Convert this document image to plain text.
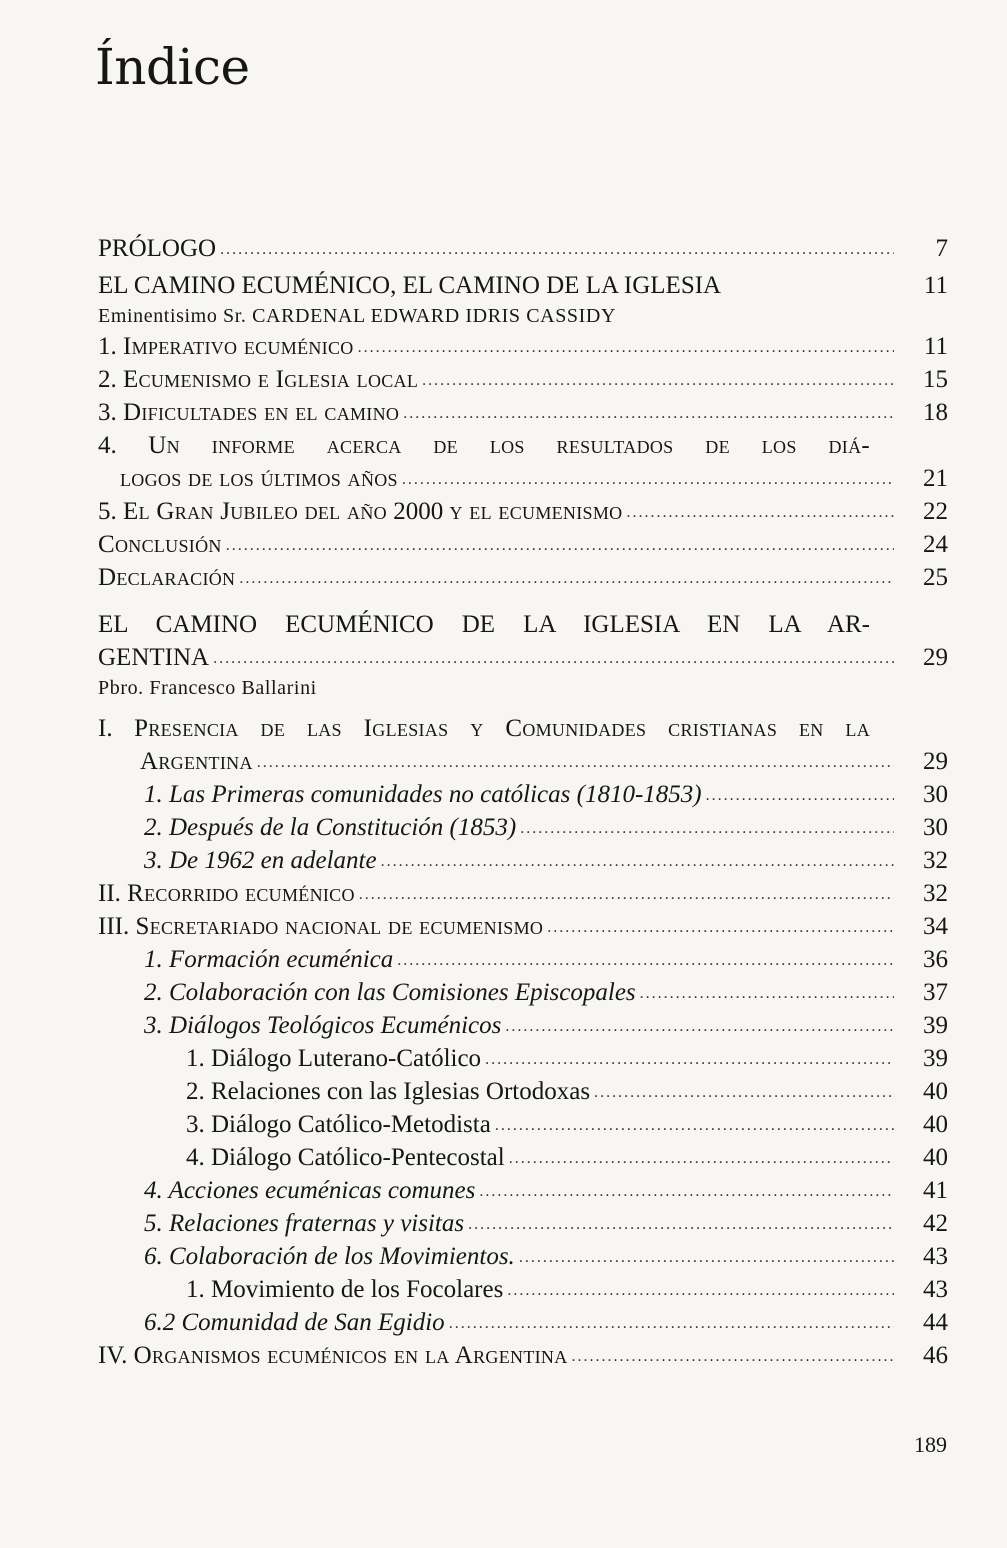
Índice
PRÓLOGO .....	7
EL CAMINO ECUMÉNICO, EL CAMINO DE LA IGLESIA	11
Eminentisimo Sr. CARDENAL EDWARD IDRIS CASSIDY
1. Imperativo ecuménico .....	11
2. Ecumenismo e Iglesia local .....	15
3. Dificultades en el camino .....	18
4. Un informe acerca de los resultados de los diá-
logos de los últimos años .....	21
5. El Gran Jubileo del año 2000 y el ecumenismo .....	22
Conclusión .....	24
Declaración .....	25
EL CAMINO ECUMÉNICO DE LA IGLESIA EN LA AR-
GENTINA .....	29
Pbro. Francesco Ballarini
I. Presencia de las Iglesias y Comunidades cristianas en la
Argentina .....	29
1. Las Primeras comunidades no católicas (1810-1853) .....	30
2. Después de la Constitución (1853) .....	30
3. De 1962 en adelante .....	32
II. Recorrido ecuménico .....	32
III. Secretariado nacional de ecumenismo .....	34
1. Formación ecuménica .....	36
2. Colaboración con las Comisiones Episcopales .....	37
3. Diálogos Teológicos Ecuménicos .....	39
1. Diálogo Luterano-Católico .....	39
2. Relaciones con las Iglesias Ortodoxas .....	40
3. Diálogo Católico-Metodista .....	40
4. Diálogo Católico-Pentecostal .....	40
4. Acciones ecuménicas comunes .....	41
5. Relaciones fraternas y visitas .....	42
6. Colaboración de los Movimientos. .....	43
1. Movimiento de los Focolares .....	43
6.2 Comunidad de San Egidio .....	44
IV. Organismos ecuménicos en la Argentina .....	46
189
